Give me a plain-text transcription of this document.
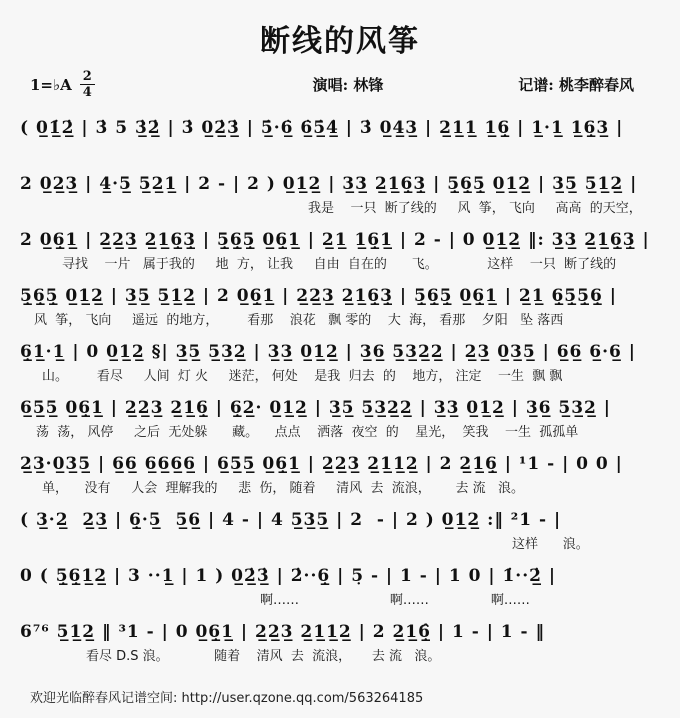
断线的风筝
1=♭A $\frac{2}{4}$	演唱: 林锋	记谱: 桃李醉春风
( 0̲1̲̇2̲̇ | 3̇ 5 3̲̇2̲̇ | 3̇ 0̲2̲̇3̲̇ | 5̲̇·6̲̇ 6̲̇5̲̇4̲̇ | 3̇ 0̲4̲3̲ | 2̲1̲1̲ 1̲6̲̣ | 1̲·1̲ 1̲6̲̣3̲ |
2 0̲2̲3̲ | 4̲·5̲ 5̲2̲1̲ | 2 - | 2 ) 0̲1̲2̲ | 3̲3̲ 2̲1̲6̲̣3̲̣ | 5̲̣6̲̣5̲̣ 0̲1̲2̲ | 3̲5̲ 5̲1̲2̲ |
我是    一只  断了线的     风  筝， 飞向     高高  的天空，
2 0̲6̲̣1̲ | 2̲2̲3̲ 2̲1̲6̲̣3̲̣ | 5̲̣6̲̣5̲̣ 0̲6̲̣1̲ | 2̲1̲ 1̲6̲̣1̲ | 2 - | 0 0̲1̲2̲ ‖: 3̲3̲ 2̲1̲6̲̣3̲̣ |
寻找    一片   属于我的     地  方， 让我     自由  自在的      飞。            这样    一只  断了线的
5̲̣6̲̣5̲̣ 0̲1̲2̲ | 3̲5̲ 5̲1̲2̲ | 2 0̲6̲̣1̲ | 2̲2̲3̲ 2̲1̲6̲̣3̲̣ | 5̲̣6̲̣5̲̣ 0̲6̲̣1̲ | 2̲1̲ 6̲̣5̲̣5̲̣6̲̣ |
风  筝， 飞向     遥远  的地方，       看那    浪花   飘 零的    大  海， 看那    夕阳   坠 落西
6̲̣1̲·1̲ | 0 0̲1̲2̲ §| 3̲5̲ 5̲3̲2̲ | 3̲3̲ 0̲1̲2̲ | 3̲6̲ 5̲3̲2̲2̲ | 2̲3̲ 0̲3̲5̲ | 6̲6̲ 6̲·6̲ |
山。       看尽     人间  灯 火     迷茫， 何处    是我  归去  的    地方， 注定    一生  飘 飘
6̲5̲5̲ 0̲6̲̣1̲ | 2̲2̲3̲ 2̲1̲6̲̣ | 6̲̣2̲· 0̲1̲2̲ | 3̲5̲ 5̲3̲2̲2̲ | 3̲3̲ 0̲1̲2̲ | 3̲6̲ 5̲3̲2̲ |
荡  荡， 风停     之后  无处躲      藏。    点点    洒落  夜空  的    星光，  笑我    一生  孤孤单
2̲3̲·0̲3̲5̲ | 6̲6̲ 6̲6̲6̲6̲ | 6̲5̲5̲ 0̲6̲̣1̲ | 2̲2̲3̲ 2̲1̲1̲2̲ | 2 2̲1̲6̲̣ | ¹1 - | 0 0 |
单，    没有     人会  理解我的     悲  伤， 随着     清风  去  流浪，      去 流   浪。
( 3̲·2̲  2̲3̲ | 6̲̣·5̲  5̲6̲ | 4 - | 4 5̲3̲5̲ | 2  - | 2 ) 0̲1̲2̲ :‖ ²1 - |
这样      浪。
0 ( 5̲̣6̲̣1̲2̲ | 3 ··1̲ | 1 ) 0̲2̲̇3̲̇ | 2̇··6̲̣ | 5̣ - | 1 - | 1 0 | 1̇··2̲̇ |
啊……                      啊……               啊……
6⁷⁶ 5̲1̲2̲ ‖ ³1 - | 0 0̲6̲̣1̲ | 2̲2̲3̲ 2̲1̲1̲2̲ | 2 2̲1̲6̲̣̂ | 1 - | 1 - ‖
看尽 D.S 浪。           随着    清风  去  流浪，     去 流   浪。
欢迎光临醉春风记谱空间: http://user.qzone.qq.com/563264185
